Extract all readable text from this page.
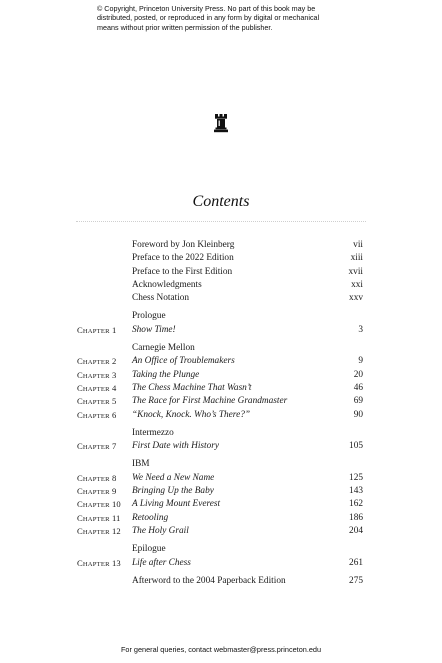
© Copyright, Princeton University Press. No part of this book may be
distributed, posted, or reproduced in any form by digital or mechanical
means without prior written permission of the publisher.
Contents
Foreword by Jon Kleinberg	vii
Preface to the 2022 Edition	xiii
Preface to the First Edition	xvii
Acknowledgments	xxi
Chess Notation	xxv
Prologue
CHAPTER 1 Show Time!	3
Carnegie Mellon
CHAPTER 2 An Office of Troublemakers	9
CHAPTER 3 Taking the Plunge	20
CHAPTER 4 The Chess Machine That Wasn’t	46
CHAPTER 5 The Race for First Machine Grandmaster	69
CHAPTER 6 “Knock, Knock. Who’s There?”	90
Intermezzo
CHAPTER 7 First Date with History	105
IBM
CHAPTER 8 We Need a New Name	125
CHAPTER 9 Bringing Up the Baby	143
CHAPTER 10 A Living Mount Everest	162
CHAPTER 11 Retooling	186
CHAPTER 12 The Holy Grail	204
Epilogue
CHAPTER 13 Life after Chess	261
Afterword to the 2004 Paperback Edition	275
For general queries, contact webmaster@press.princeton.edu
